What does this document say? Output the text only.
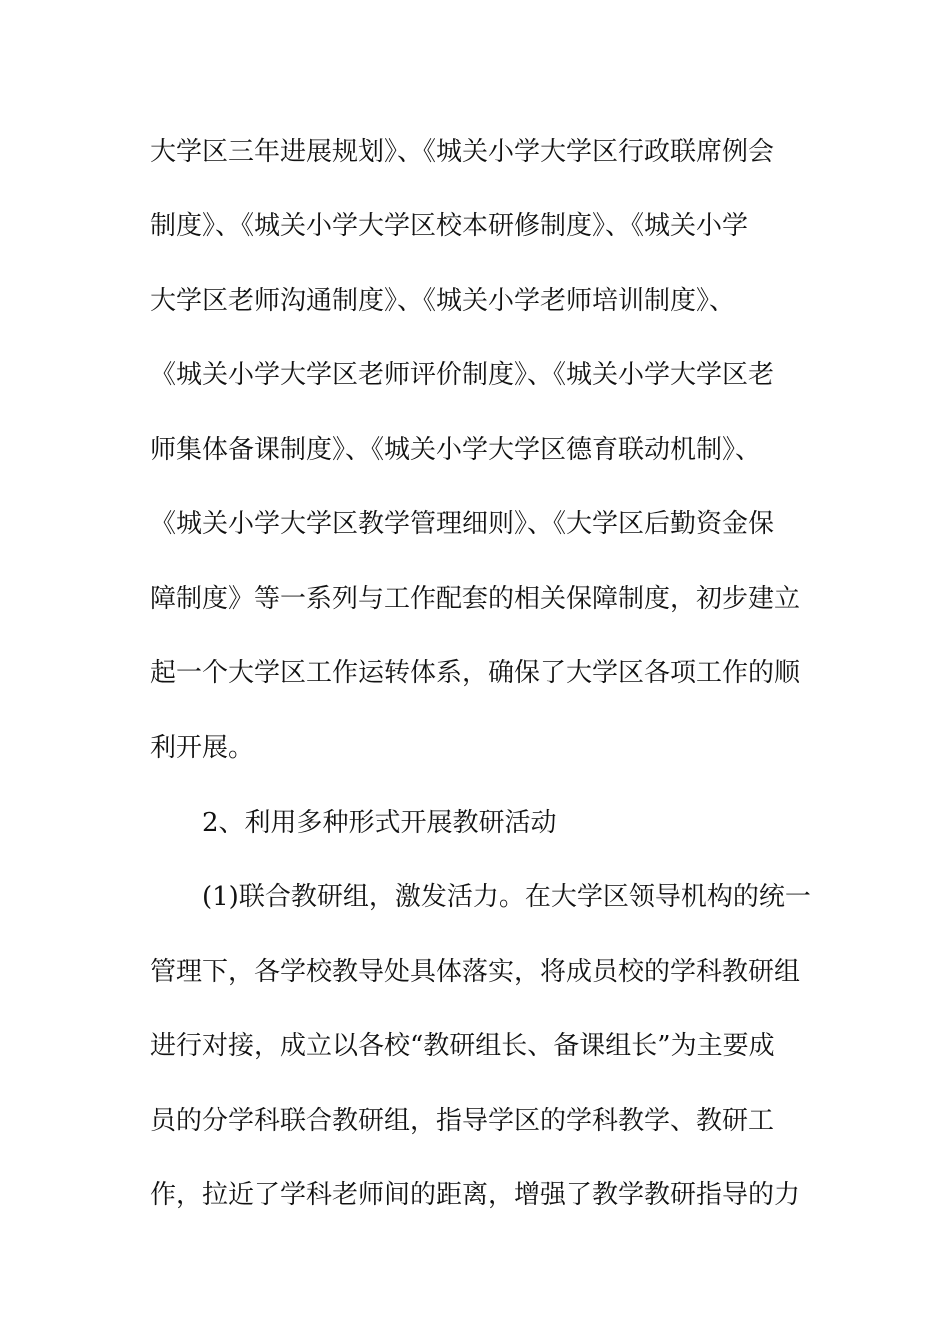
大学区三年进展规划》、《城关小学大学区行政联席例会
制度》、《城关小学大学区校本研修制度》、《城关小学
大学区老师沟通制度》、《城关小学老师培训制度》、
《城关小学大学区老师评价制度》、《城关小学大学区老
师集体备课制度》、《城关小学大学区德育联动机制》、
《城关小学大学区教学管理细则》、《大学区后勤资金保
障制度》等一系列与工作配套的相关保障制度，初步建立
起一个大学区工作运转体系，确保了大学区各项工作的顺
利开展。
2、利用多种形式开展教研活动
(1)联合教研组，激发活力。在大学区领导机构的统一
管理下，各学校教导处具体落实，将成员校的学科教研组
进行对接，成立以各校“教研组长、备课组长”为主要成
员的分学科联合教研组，指导学区的学科教学、教研工
作，拉近了学科老师间的距离，增强了教学教研指导的力
